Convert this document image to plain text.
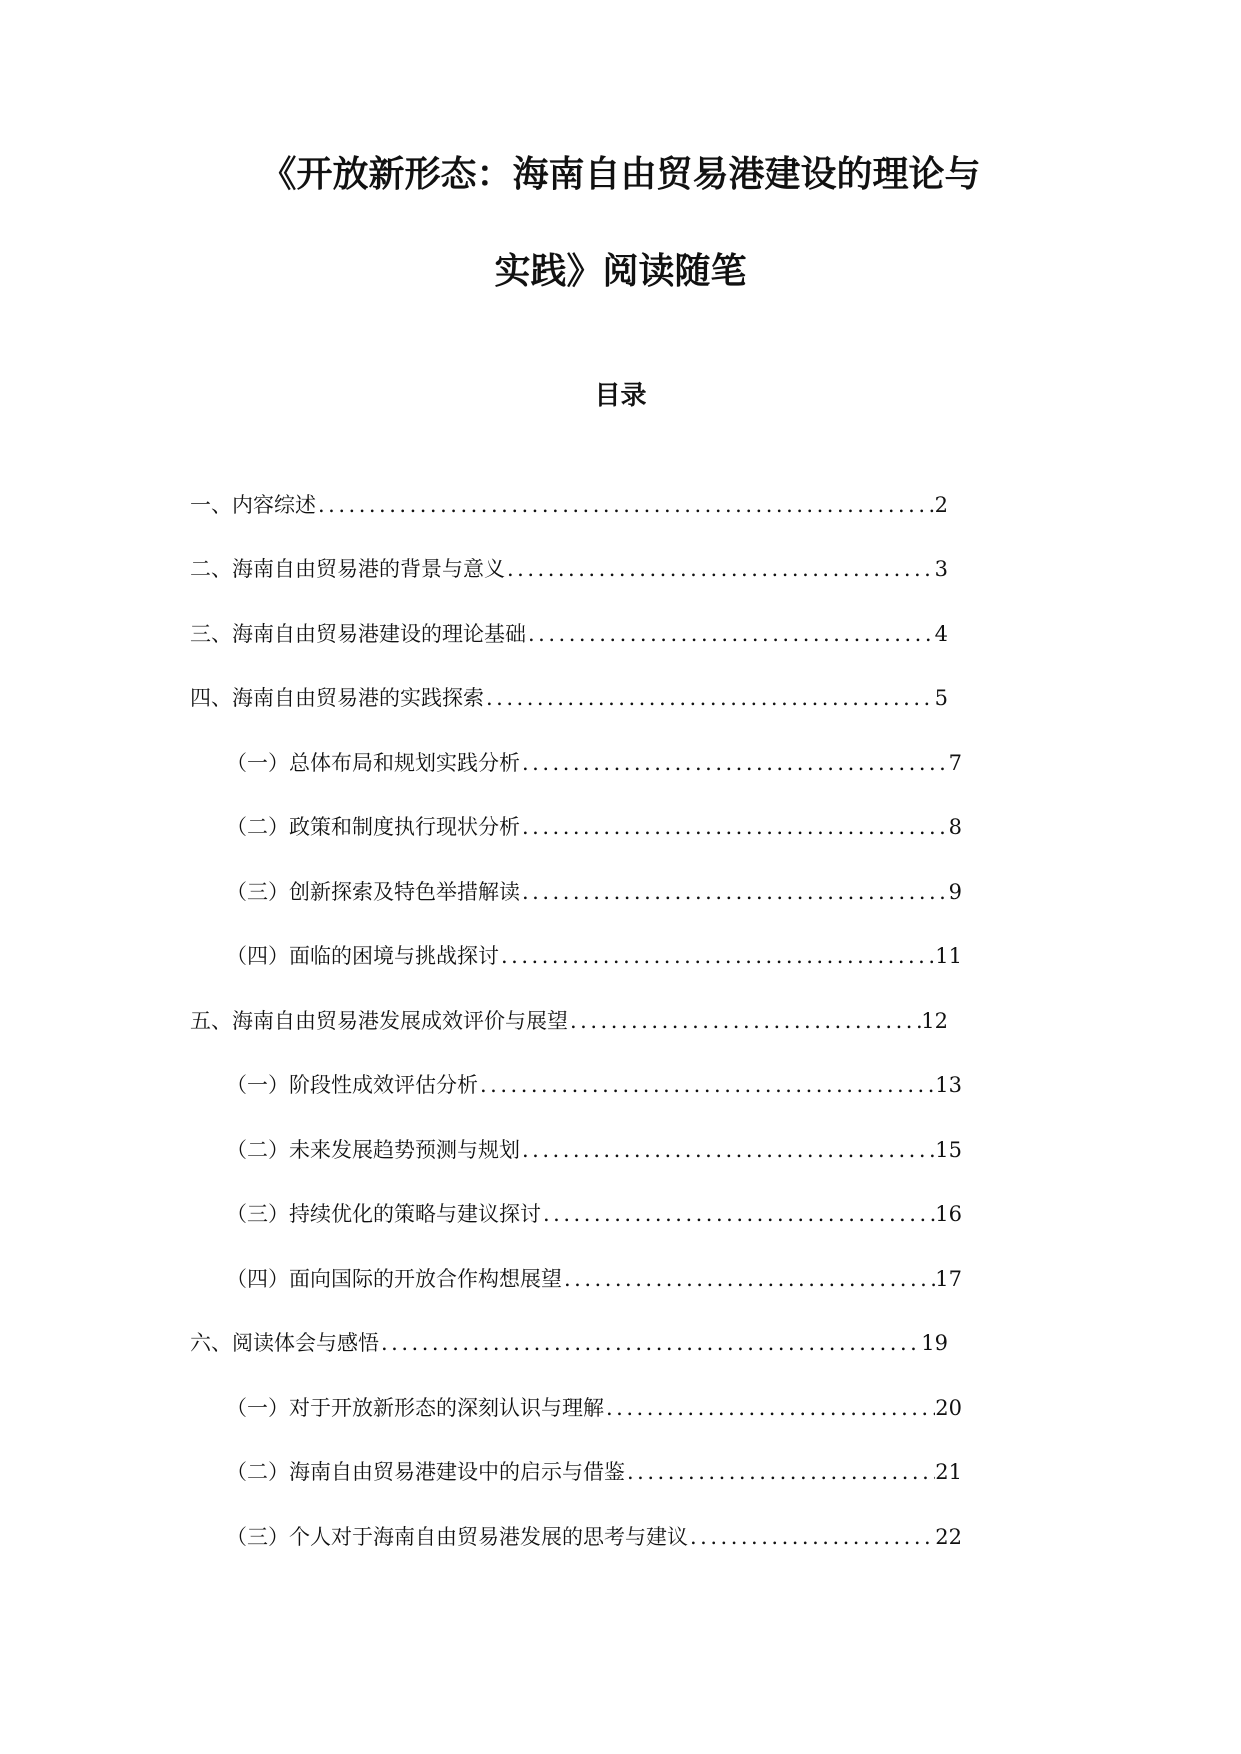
《开放新形态：海南自由贸易港建设的理论与
实践》阅读随笔
目录
一、内容综述 .....	2
二、海南自由贸易港的背景与意义 .....	3
三、海南自由贸易港建设的理论基础 .....	4
四、海南自由贸易港的实践探索 .....	5
（一）总体布局和规划实践分析 .....	7
（二）政策和制度执行现状分析 .....	8
（三）创新探索及特色举措解读 .....	9
（四）面临的困境与挑战探讨 .....	11
五、海南自由贸易港发展成效评价与展望 .....	12
（一）阶段性成效评估分析 .....	13
（二）未来发展趋势预测与规划 .....	15
（三）持续优化的策略与建议探讨 .....	16
（四）面向国际的开放合作构想展望 .....	17
六、阅读体会与感悟 .....	19
（一）对于开放新形态的深刻认识与理解 .....	20
（二）海南自由贸易港建设中的启示与借鉴 .....	21
（三）个人对于海南自由贸易港发展的思考与建议 .....	22
